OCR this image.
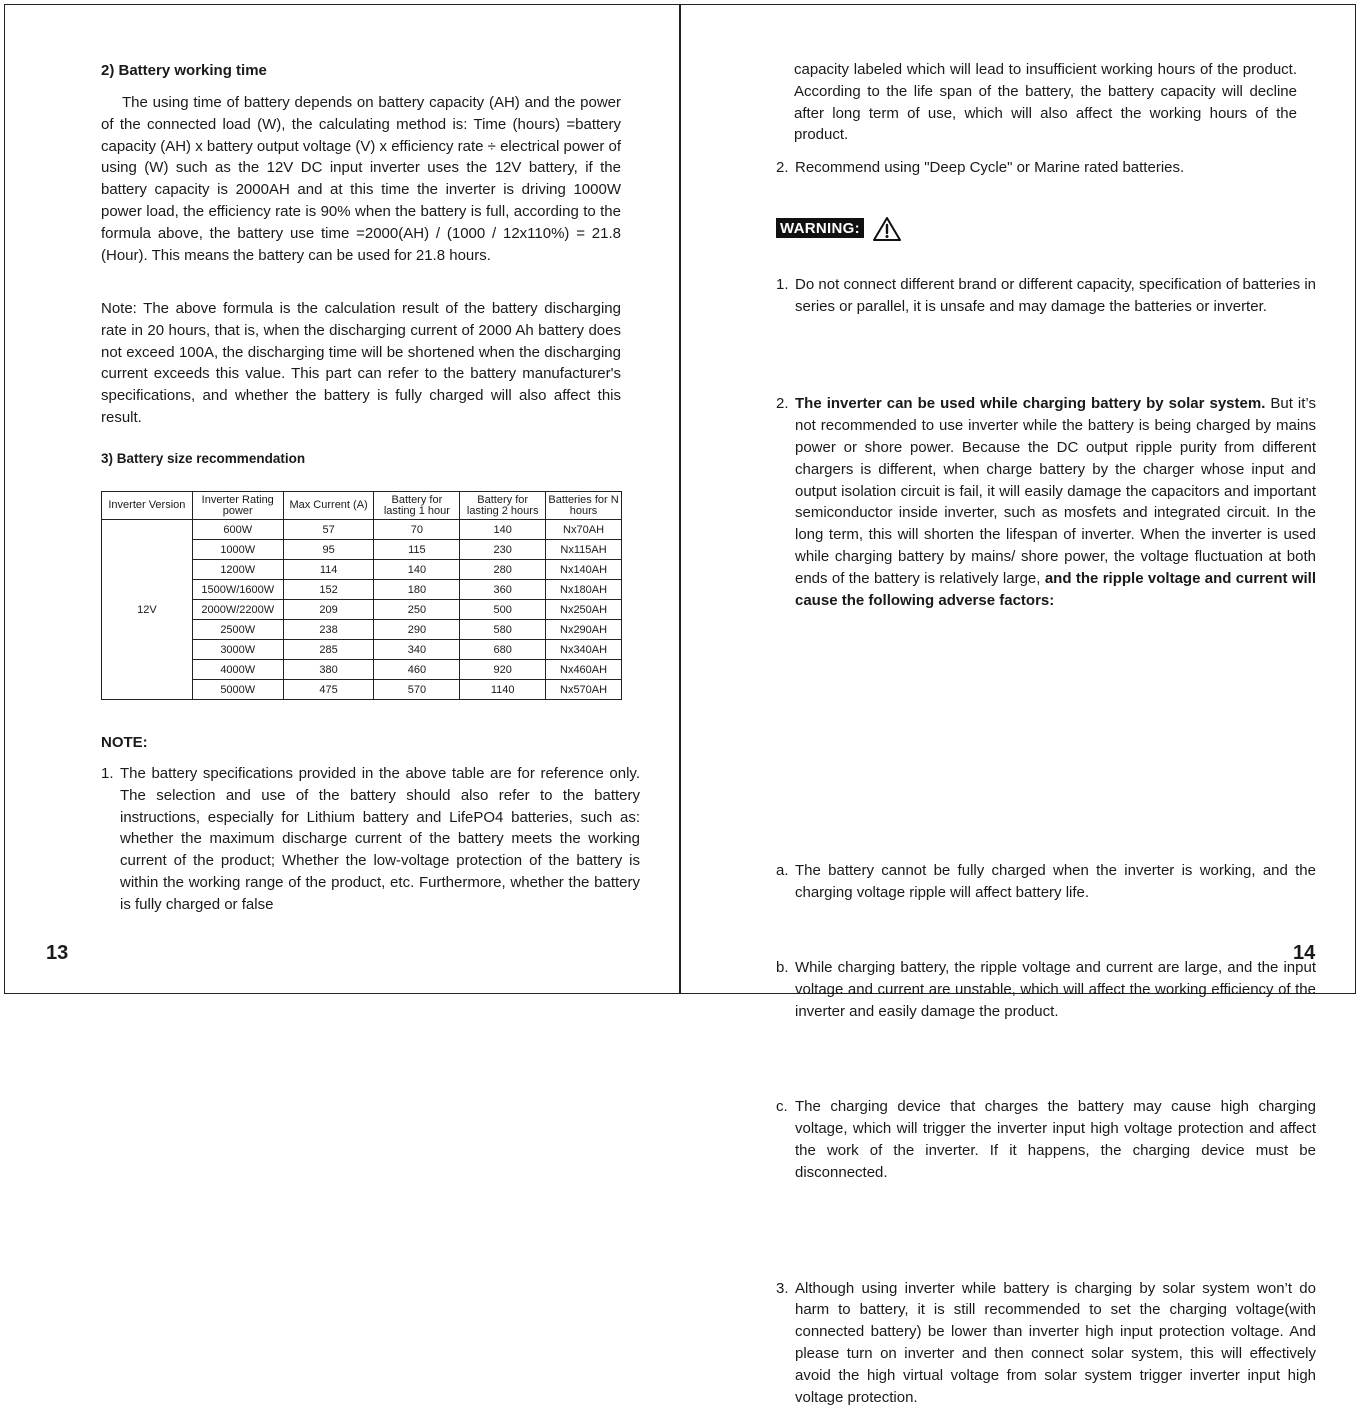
2) Battery working time

The using time of battery depends on battery capacity (AH) and the power of the connected load (W), the calculating method is: Time (hours) =battery capacity (AH) x battery output voltage (V) x efficiency rate ÷ electrical power of using (W) such as the 12V DC input inverter uses the 12V battery, if the battery capacity is 2000AH and at this time the inverter is driving 1000W power load, the efficiency rate is 90% when the battery is full, according to the formula above, the battery use time =2000(AH) / (1000 / 12x110%) = 21.8 (Hour). This means the battery can be used for 21.8 hours.

Note: The above formula is the calculation result of the battery discharging rate in 20 hours, that is, when the discharging current of 2000 Ah battery does not exceed 100A, the discharging time will be shortened when the discharging current exceeds this value. This part can refer to the battery manufacturer's specifications, and whether the battery is fully charged will also affect this result.

3) Battery size recommendation
Inverter Version	Inverter Rating power	Max Current (A)	Battery for lasting 1 hour	Battery for lasting 2 hours	Batteries for N hours
12V	600W	57	70	140	Nx70AH
	1000W	95	115	230	Nx115AH
	1200W	114	140	280	Nx140AH
	1500W/1600W	152	180	360	Nx180AH
	2000W/2200W	209	250	500	Nx250AH
	2500W	238	290	580	Nx290AH
	3000W	285	340	680	Nx340AH
	4000W	380	460	920	Nx460AH
	5000W	475	570	1140	Nx570AH
NOTE:
1. The battery specifications provided in the above table are for reference only. The selection and use of the battery should also refer to the battery instructions, especially for Lithium battery and LifePO4 batteries, such as: whether the maximum discharge current of the battery meets the working current of the product; Whether the low-voltage protection of the battery is within the working range of the product, etc. Furthermore, whether the battery is fully charged or false

13

capacity labeled which will lead to insufficient working hours of the product. According to the life span of the battery, the battery capacity will decline after long term of use, which will also affect the working hours of the product.

2. Recommend using "Deep Cycle" or Marine rated batteries.

WARNING:
1. Do not connect different brand or different capacity, specification of batteries in series or parallel, it is unsafe and may damage the batteries or inverter.

2. The inverter can be used while charging battery by solar system. But it’s not recommended to use inverter while the battery is being charged by mains power or shore power. Because the DC output ripple purity from different chargers is different, when charge battery by the charger whose input and output isolation circuit is fail, it will easily damage the capacitors and important semiconductor inside inverter, such as mosfets and integrated circuit. In the long term, this will shorten the lifespan of inverter. When the inverter is used while charging battery by mains/ shore power, the voltage fluctuation at both ends of the battery is relatively large, and the ripple voltage and current will cause the following adverse factors:

a. The battery cannot be fully charged when the inverter is working, and the charging voltage ripple will affect battery life.

b. While charging battery, the ripple voltage and current are large, and the input voltage and current are unstable, which will affect the working efficiency of the inverter and easily damage the product.

c. The charging device that charges the battery may cause high charging voltage, which will trigger the inverter input high voltage protection and affect the work of the inverter. If it happens, the charging device must be disconnected.

3. Although using inverter while battery is charging by solar system won’t do harm to battery, it is still recommended to set the charging voltage(with connected battery) be lower than inverter high input protection voltage. And please turn on inverter and then connect solar system, this will effectively avoid the high virtual voltage from solar system trigger inverter input high voltage protection.

14
